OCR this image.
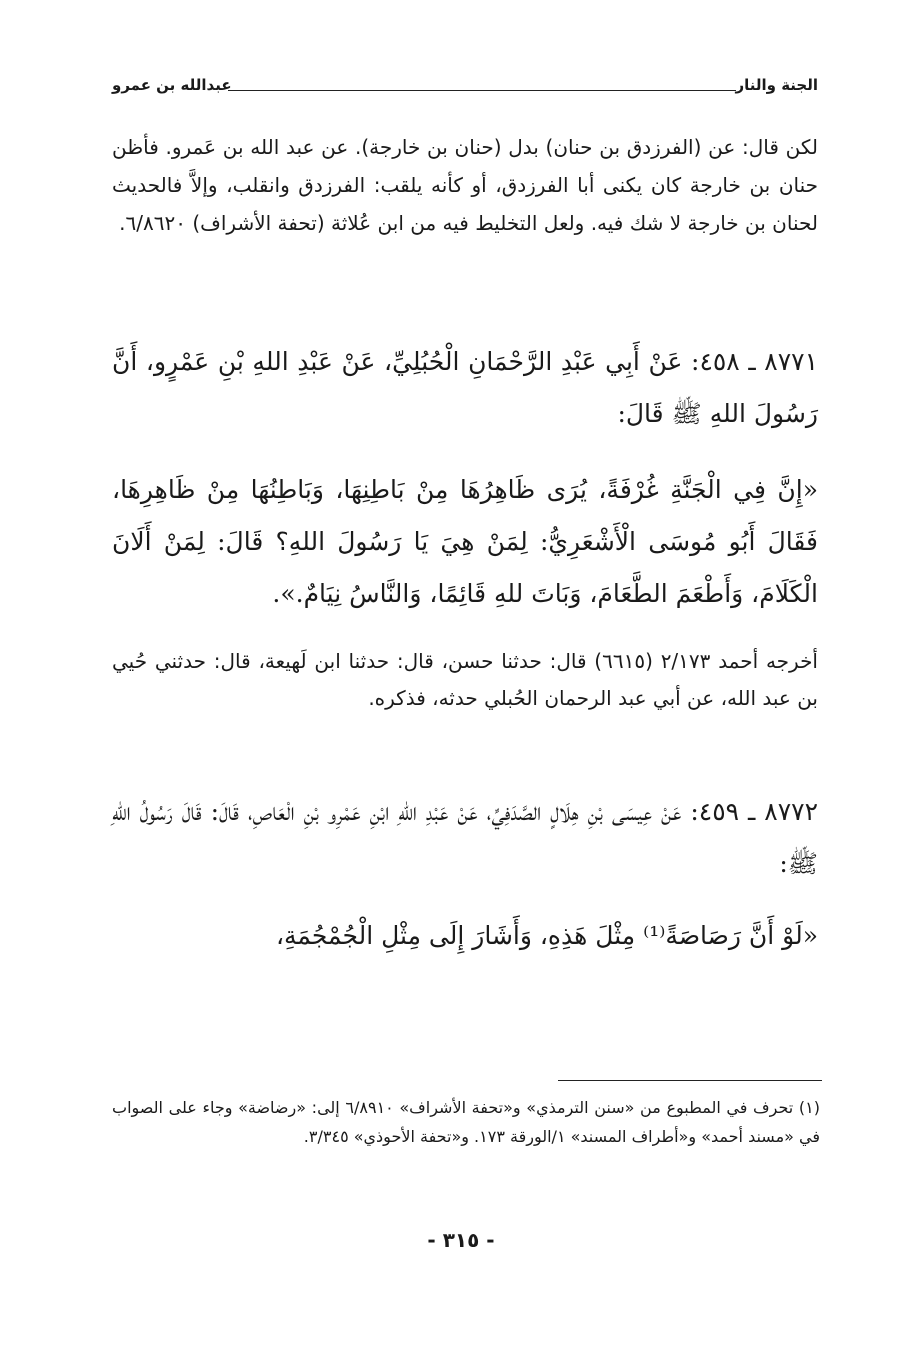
الجنة والنار
عبدالله بن عمرو
لكن قال: عن (الفرزدق بن حنان) بدل (حنان بن خارجة). عن عبد الله بن عَمرو. فأظن حنان بن خارجة كان يكنى أبا الفرزدق، أو كأنه يلقب: الفرزدق وانقلب، وإلاَّ فالحديث لحنان بن خارجة لا شك فيه. ولعل التخليط فيه من ابن عُلاثة (تحفة الأشراف) ٦/٨٦٢٠.
٨٧٧١ ـ ٤٥٨: عَنْ أَبِي عَبْدِ الرَّحْمَانِ الْحُبُلِيِّ، عَنْ عَبْدِ اللهِ بْنِ عَمْرٍو، أَنَّ رَسُولَ اللهِ ﷺ قَالَ:
«إِنَّ فِي الْجَنَّةِ غُرْفَةً، يُرَى ظَاهِرُهَا مِنْ بَاطِنِهَا، وَبَاطِنُهَا مِنْ ظَاهِرِهَا، فَقَالَ أَبُو مُوسَى الْأَشْعَرِيُّ: لِمَنْ هِيَ يَا رَسُولَ اللهِ؟ قَالَ: لِمَنْ أَلَانَ الْكَلَامَ، وَأَطْعَمَ الطَّعَامَ، وَبَاتَ للهِ قَائِمًا، وَالنَّاسُ نِيَامٌ.».
أخرجه أحمد ٢/١٧٣ (٦٦١٥) قال: حدثنا حسن، قال: حدثنا ابن لَهيعة، قال: حدثني حُيي بن عبد الله، عن أبي عبد الرحمان الحُبلي حدثه، فذكره.
٨٧٧٢ ـ ٤٥٩: عَنْ عِيسَى بْنِ هِلَالٍ الصَّدَفِيِّ، عَنْ عَبْدِ اللهِ ابْنِ عَمْرِو بْنِ الْعَاصِ، قَالَ: قَالَ رَسُولُ اللهِ ﷺ:
«لَوْ أَنَّ رَصَاصَةً⁽¹⁾ مِثْلَ هَذِهِ، وَأَشَارَ إِلَى مِثْلِ الْجُمْجُمَةِ،
(١) تحرف في المطبوع من «سنن الترمذي» و«تحفة الأشراف» ٦/٨٩١٠ إلى: «رضاضة» وجاء على الصواب في «مسند أحمد» و«أطراف المسند» ١/الورقة ١٧٣. و«تحفة الأحوذي» ٣/٣٤٥.
- ٣١٥ -
